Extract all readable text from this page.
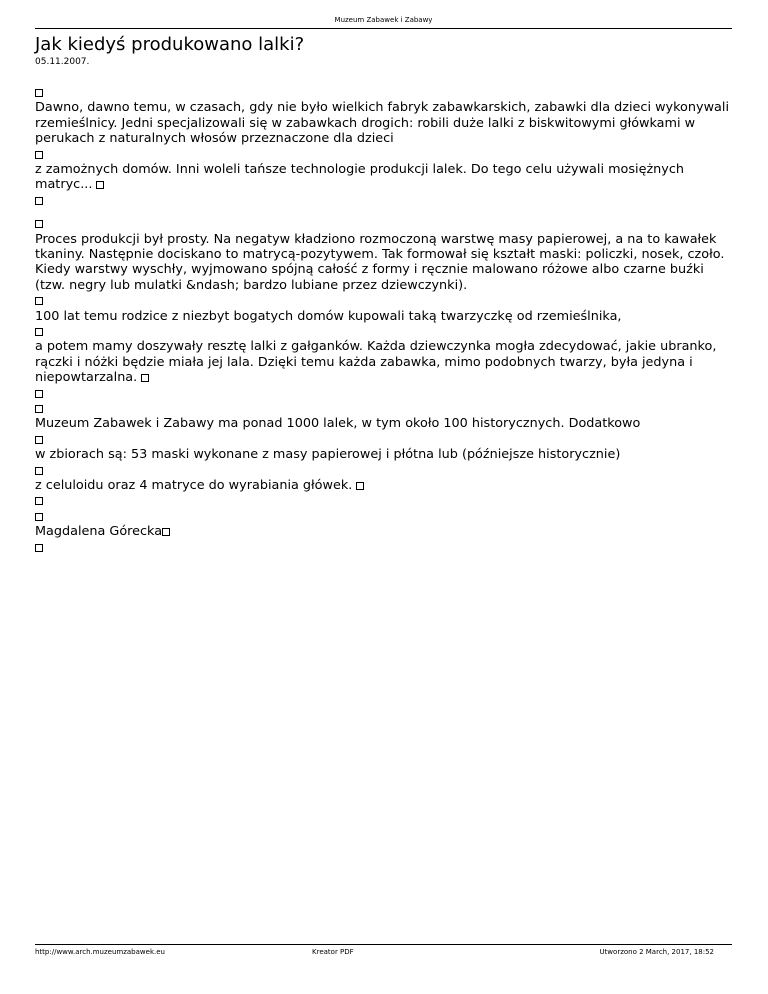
Muzeum Zabawek i Zabawy
Jak kiedyś produkowano lalki?
05.11.2007.
Dawno, dawno temu, w czasach, gdy nie było wielkich fabryk zabawkarskich, zabawki dla dzieci wykonywali rzemieślnicy. Jedni specjalizowali się w zabawkach drogich: robili duże lalki z biskwitowymi główkami w perukach z naturalnych włosów przeznaczone dla dzieci
z zamożnych domów. Inni woleli tańsze technologie produkcji lalek. Do tego celu używali mosiężnych matryc...
Proces produkcji był prosty. Na negatyw kładziono rozmoczoną warstwę masy papierowej, a na to kawałek tkaniny. Następnie dociskano to matrycą-pozytywem. Tak formował się kształt maski: policzki, nosek, czoło. Kiedy warstwy wyschły, wyjmowano spójną całość z formy i ręcznie malowano różowe albo czarne buźki (tzw. negry lub mulatki &ndash; bardzo lubiane przez dziewczynki).
100 lat temu rodzice z niezbyt bogatych domów kupowali taką twarzyczkę od rzemieślnika,
a potem mamy doszywały resztę lalki z gałganków. Każda dziewczynka mogła zdecydować, jakie ubranko, rączki i nóżki będzie miała jej lala. Dzięki temu każda zabawka, mimo podobnych twarzy, była jedyna i niepowtarzalna.
Muzeum Zabawek i Zabawy ma ponad 1000 lalek, w tym około 100 historycznych. Dodatkowo
w zbiorach są: 53 maski wykonane z masy papierowej i płótna lub (późniejsze historycznie)
z celuloidu oraz 4 matryce do wyrabiania główek.
Magdalena Górecka
http://www.arch.muzeumzabawek.eu	Kreator PDF	Utworzono 2 March, 2017, 18:52
